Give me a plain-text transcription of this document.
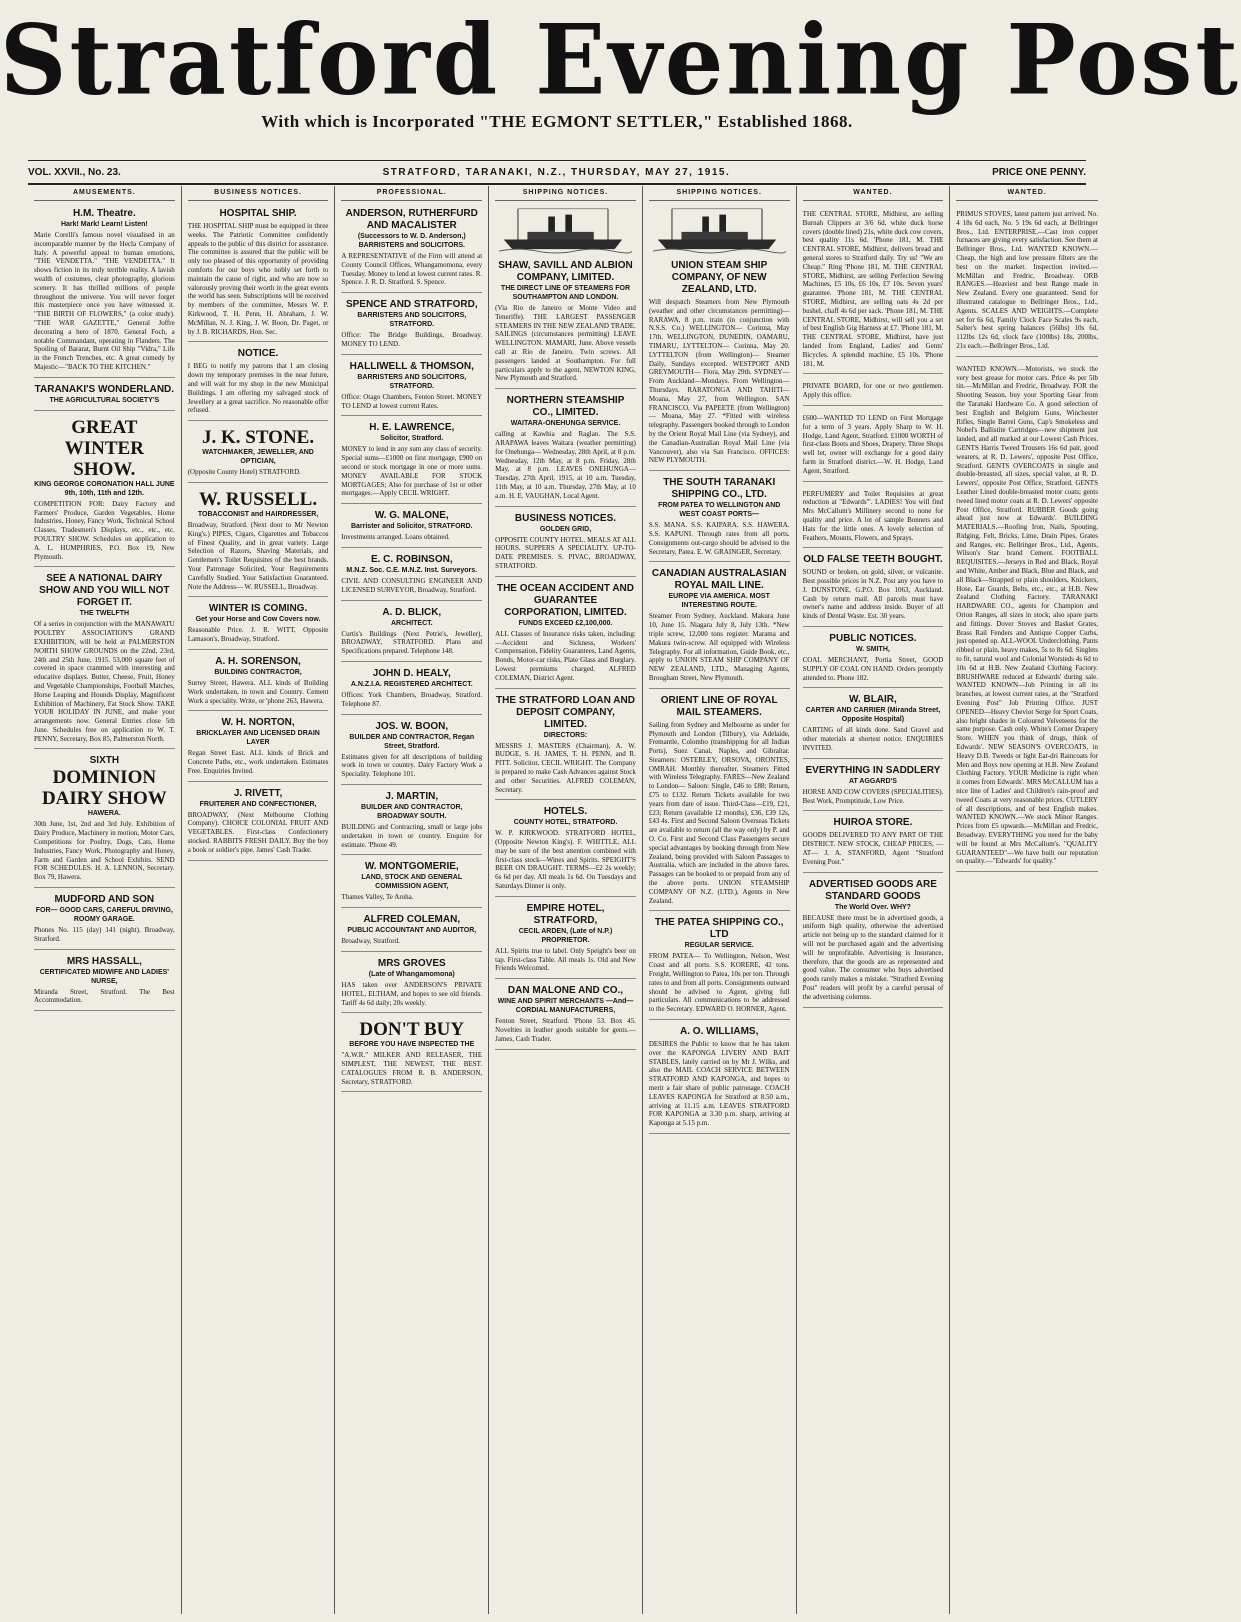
Stratford Evening Post
With which is Incorporated "THE EGMONT SETTLER," Established 1868.
VOL. XXVII., No. 23.	STRATFORD, TARANAKI, N.Z., THURSDAY, MAY 27, 1915.	PRICE ONE PENNY.
AMUSEMENTS.
H.M. Theatre.
Hark! Mark! Learn! Listen!
Marie Corelli's famous novel visualised in an incomparable manner by the Hecla Company of Italy. A powerful appeal to human emotions, "THE VENDETTA." "THE VENDETTA." It shows fiction in its truly terrible reality. A lavish wealth of costumes, clear photography, glorious scenery. It has thrilled millions of people throughout the universe. You will never forget this masterpiece once you have witnessed it. "THE BIRTH OF FLOWERS," (a color study). "THE WAR GAZETTE," General Joffre decorating a hero of 1870. General Foch, a notable Commandant, operating in Flanders. The Spoiling of Bararat, Burnt Oil Ship "Vidra," Life in the French Trenches, etc. A great comedy by Majestic—"BACK TO THE KITCHEN."
TARANAKI'S WONDERLAND.
THE AGRICULTURAL SOCIETY'S
GREAT WINTER SHOW.
KING GEORGE CORONATION HALL JUNE 9th, 10th, 11th and 12th.
COMPETITION FOR: Dairy Factory and Farmers' Produce, Garden Vegetables, Home Industries, Honey, Fancy Work, Technical School Classes, Tradesmen's Displays, etc., etc., etc. POULTRY SHOW. Schedules on application to A. L. HUMPHRIES, P.O. Box 19, New Plymouth.
SEE A NATIONAL DAIRY SHOW AND YOU WILL NOT FORGET IT.
THE TWELFTH
Of a series in conjunction with the MANAWATU POULTRY ASSOCIATION'S GRAND EXHIBITION, will be held at PALMERSTON NORTH SHOW GROUNDS on the 22nd, 23rd, 24th and 25th June, 1915. 53,000 square feet of covered in space crammed with interesting and educative displays. Butter, Cheese, Fruit, Honey and Vegetable Championships, Football Matches, Horse Leaping and Hounds Display, Magnificent Exhibition of Machinery, Fat Stock Show. TAKE YOUR HOLIDAY IN JUNE, and make your arrangements now. General Entries close 5th June. Schedules free on application to W. T. PENNY, Secretary, Box 85, Palmerston North.
SIXTH
DOMINION DAIRY SHOW
HAWERA.
30th June, 1st, 2nd and 3rd July. Exhibition of Dairy Produce, Machinery in motion, Motor Cars, Competitions for Poultry, Dogs, Cats, Home Industries, Fancy Work, Photography and Honey, Farm and Garden and School Exhibits. SEND FOR SCHEDULES. H. A. LENNON, Secretary. Box 79, Hawera.
MUDFORD AND SON
FOR— GOOD CARS, CAREFUL DRIVING, ROOMY GARAGE.
Phones No. 115 (day) 141 (night). Broadway, Stratford.
MRS HASSALL,
CERTIFICATED MIDWIFE AND LADIES' NURSE,
Miranda Street, Stratford. The Best Accommodation.
BUSINESS NOTICES.
HOSPITAL SHIP.
THE HOSPITAL SHIP must be equipped in three weeks. The Patriotic Committee confidently appeals to the public of this district for assistance. The committee is assured that the public will be only too pleased of this opportunity of providing comforts for our boys who nobly set forth to maintain the cause of right, and who are now so valorously proving their worth in the great events the world has seen. Subscriptions will be received by members of the committee, Messrs W. P. Kirkwood, T. H. Penn, H. Abraham, J. W. McMillan, N. J. King, J. W. Boon, Dr. Paget, or by J. B. RICHARDS, Hon. Sec.
NOTICE.
I BEG to notify my patrons that I am closing down my temporary premises in the near future, and will wait for my shop in the new Municipal Buildings. I am offering my salvaged stock of Jewellery at a great sacrifice. No reasonable offer refused.
J. K. STONE.
WATCHMAKER, JEWELLER, AND OPTICIAN,
(Opposite County Hotel) STRATFORD.
W. RUSSELL.
TOBACCONIST and HAIRDRESSER,
Broadway, Stratford. (Next door to Mr Newton King's.) PIPES, Cigars, Cigarettes and Tobaccos of Finest Quality, and in great variety. Large Selection of Razors, Shaving Materials, and Gentlemen's Toilet Requisites of the best brands. Your Patronage Solicited, Your Requirements Carefully Studied. Your Satisfaction Guaranteed. Note the Address— W. RUSSELL, Broadway.
WINTER IS COMING.
Get your Horse and Cow Covers now.
Reasonable Price. J. R. WITT, Opposite Lamason's, Broadway, Stratford.
A. H. SORENSON,
BUILDING CONTRACTOR,
Surrey Street, Hawera. ALL kinds of Building Work undertaken, in town and Country. Cement Work a speciality. Write, or 'phone 263, Hawera.
W. H. NORTON,
BRICKLAYER AND LICENSED DRAIN LAYER
Regan Street East. ALL kinds of Brick and Concrete Paths, etc., work undertaken. Estimates Free. Enquiries Invited.
J. RIVETT,
FRUITERER AND CONFECTIONER,
BROADWAY, (Next Melbourne Clothing Company). CHOICE COLONIAL FRUIT AND VEGETABLES. First-class Confectionery stocked. RABBITS FRESH DAILY. Buy the boy a book or soldier's pipe. James' Cash Trader.
PROFESSIONAL.
ANDERSON, RUTHERFURD AND MACALISTER
(Successors to W. D. Anderson,) BARRISTERS and SOLICITORS.
A REPRESENTATIVE of the Firm will attend at County Council Offices, Whangamomona, every Tuesday. Money to lend at lowest current rates. R. Spence. J. R. D. Stratford. S. Spence.
SPENCE AND STRATFORD,
BARRISTERS AND SOLICITORS, STRATFORD.
Office: The Bridge Buildings, Broadway. MONEY TO LEND.
HALLIWELL & THOMSON,
BARRISTERS AND SOLICITORS, STRATFORD.
Office: Otago Chambers, Fenton Street. MONEY TO LEND at lowest current Rates.
H. E. LAWRENCE,
Solicitor, Stratford.
MONEY to lend in any sum any class of security. Special sums—£1000 on first mortgage, £900 on second or stock mortgage in one or more sums. MONEY AVAILABLE FOR STOCK MORTGAGES; Also for purchase of 1st or other mortgages.—Apply CECIL WRIGHT.
W. G. MALONE,
Barrister and Solicitor, STRATFORD.
Investments arranged. Loans obtained.
E. C. ROBINSON,
M.N.Z. Soc. C.E. M.N.Z. Inst. Surveyors.
CIVIL AND CONSULTING ENGINEER AND LICENSED SURVEYOR, Broadway, Stratford.
A. D. BLICK,
ARCHITECT.
Curtis's Buildings (Next Petrie's, Jeweller), BROADWAY, STRATFORD. Plans and Specifications prepared. Telephone 148.
JOHN D. HEALY,
A.N.Z.I.A. REGISTERED ARCHITECT.
Offices: York Chambers, Broadway, Stratford. Telephone 87.
JOS. W. BOON,
BUILDER AND CONTRACTOR, Regan Street, Stratford.
Estimates given for all descriptions of building work in town or country. Dairy Factory Work a Speciality. Telephone 101.
J. MARTIN,
BUILDER AND CONTRACTOR, BROADWAY SOUTH.
BUILDING and Contracting, small or large jobs undertaken in town or country. Enquire for estimate. 'Phone 49.
W. MONTGOMERIE,
LAND, STOCK AND GENERAL COMMISSION AGENT,
Thames Valley, Te Aroha.
ALFRED COLEMAN,
PUBLIC ACCOUNTANT AND AUDITOR,
Broadway, Stratford.
MRS GROVES
(Late of Whangamomona)
HAS taken over ANDERSON'S PRIVATE HOTEL, ELTHAM, and hopes to see old friends. Tariff 4s 6d daily; 20s weekly.
DON'T BUY
BEFORE YOU HAVE INSPECTED THE
"A.W.R." MILKER AND RELEASER, THE SIMPLEST, THE NEWEST, THE BEST. CATALOGUES FROM R. B. ANDERSON, Secretary, STRATFORD.
SHIPPING NOTICES.
SHAW, SAVILL AND ALBION COMPANY, LIMITED.
THE DIRECT LINE OF STEAMERS FOR SOUTHAMPTON AND LONDON.
(Via Rio de Janeiro or Monte Video and Teneriffe). THE LARGEST PASSENGER STEAMERS IN THE NEW ZEALAND TRADE. SAILINGS (circumstances permitting) LEAVE WELLINGTON. MAMARI, June. Above vessels call at Rio de Janeiro. Twin screws. All passengers landed at Southampton. For full particulars apply to the agent, NEWTON KING, New Plymouth and Stratford.
NORTHERN STEAMSHIP CO., LIMITED.
WAITARA-ONEHUNGA SERVICE.
calling at Kawhia and Raglan. The S.S. ARAPAWA leaves Waitara (weather permitting) for Onehunga— Wednesday, 28th April, at 8 p.m. Wednesday, 12th May, at 8 p.m. Friday, 28th May, at 8 p.m. LEAVES ONEHUNGA— Tuesday, 27th April, 1915, at 10 a.m. Tuesday, 11th May, at 10 a.m. Thursday, 27th May, at 10 a.m. H. E. VAUGHAN, Local Agent.
BUSINESS NOTICES.
GOLDEN GRID,
OPPOSITE COUNTY HOTEL. MEALS AT ALL HOURS. SUPPERS A SPECIALITY. UP-TO-DATE PREMISES. S. PIVAC, BROADWAY, STRATFORD.
THE OCEAN ACCIDENT AND GUARANTEE CORPORATION, LIMITED.
FUNDS EXCEED £2,100,000.
ALL Classes of Insurance risks taken, including:—Accident and Sickness, Workers' Compensation, Fidelity Guarantees, Land Agents, Bonds, Motor-car risks, Plate Glass and Burglary. Lowest premiums charged. ALFRED COLEMAN, District Agent.
THE STRATFORD LOAN AND DEPOSIT COMPANY, LIMITED.
DIRECTORS:
MESSRS J. MASTERS (Chairman), A. W. BUDGE, S. H. JAMES, T. H. PENN, and R. PITT. Solicitor, CECIL WRIGHT. The Company is prepared to make Cash Advances against Stock and other Securities. ALFRED COLEMAN, Secretary.
HOTELS.
COUNTY HOTEL, STRATFORD.
W. P. KIRKWOOD. STRATFORD HOTEL, (Opposite Newton King's). F. WHITTLE, ALL may be sure of the best attention combined with first-class stock—Wines and Spirits. SPEIGHT'S BEER ON DRAUGHT. TERMS—£2 2s weekly; 6s 6d per day. All meals 1s 6d. On Tuesdays and Saturdays Dinner is only.
EMPIRE HOTEL, STRATFORD,
CECIL ARDEN, (Late of N.P.) PROPRIETOR.
ALL Spirits true to label. Only Speight's beer on tap. First-class Table. All meals 1s. Old and New Friends Welcomed.
DAN MALONE AND CO.,
WINE AND SPIRIT MERCHANTS —And— CORDIAL MANUFACTURERS,
Fenton Street, Stratford. 'Phone 53. Box 45. Novelties in leather goods suitable for gents.—James, Cash Trader.
SHIPPING NOTICES.
UNION STEAM SHIP COMPANY, OF NEW ZEALAND, LTD.
Will despatch Steamers from New Plymouth (weather and other circumstances permitting)— RARAWA, 8 p.m. train (in conjunction with N.S.S. Co.) WELLINGTON— Corinna, May 17th. WELLINGTON, DUNEDIN, OAMARU, TIMARU, LYTTELTON— Corinna, May 20. LYTTELTON (from Wellington)— Steamer Daily, Sundays excepted. WESTPORT AND GREYMOUTH— Flora, May 29th. SYDNEY— From Auckland—Mondays. From Wellington—Thursdays. RARATONGA AND TAHITI— Moana, May 27, from Wellington. SAN FRANCISCO, Via PAPEETE (from Wellington)— Moana, May 27. *Fitted with wireless telegraphy. Passengers booked through to London by the Orient Royal Mail Line (via Sydney), and the Canadian-Australian Royal Mail Line (via Vancouver), also via San Francisco. OFFICES: NEW PLYMOUTH.
THE SOUTH TARANAKI SHIPPING CO., LTD.
FROM PATEA TO WELLINGTON AND WEST COAST PORTS—
S.S. MANA. S.S. KAIPARA. S.S. HAWERA. S.S. KAPUNI. Through rates from all ports. Consignments out-cargo should be advised to the Secretary, Patea. E. W. GRAINGER, Secretary.
CANADIAN AUSTRALASIAN ROYAL MAIL LINE.
EUROPE VIA AMERICA. MOST INTERESTING ROUTE.
Steamer From Sydney, Auckland. Makura June 10, June 15. Niagara July 8, July 13th. *New triple screw, 12,000 tons register. Marama and Makura twin-screw. All equipped with Wireless Telegraphy. For all information, Guide Book, etc., apply to UNION STEAM SHIP COMPANY OF NEW ZEALAND, LTD., Managing Agents, Brougham Street, New Plymouth.
ORIENT LINE OF ROYAL MAIL STEAMERS.
Sailing from Sydney and Melbourne as under for Plymouth and London (Tilbury), via Adelaide, Fremantle, Colombo (transhipping for all Indian Ports), Suez Canal, Naples, and Gibraltar. Steamers: OSTERLEY, ORSOVA, ORONTES, OMRAH. Monthly thereafter. Steamers Fitted with Wireless Telegraphy. FARES—New Zealand to London— Saloon: Single, £46 to £88; Return, £75 to £132. Return Tickets available for two years from date of issue. Third-Class—£19, £21, £23; Return (available 12 months), £36, £39 12s, £43 4s. First and Second Saloon Overseas Tickets are available to return (all the way only) by P. and O. Co. First and Second Class Passengers secure special advantages by booking through from New Zealand, being provided with Saloon Passages to Australia, which are included in the above fares. Passages can be booked to or prepaid from any of the above ports. UNION STEAMSHIP COMPANY OF N.Z. (LTD.), Agents in New Zealand.
THE PATEA SHIPPING CO., LTD
REGULAR SERVICE.
FROM PATEA— To Wellington, Nelson, West Coast and all ports. S.S. KORERE, 42 tons. Freight, Wellington to Patea, 10s per ton. Through rates to and from all ports. Consignments outward should be advised to Agent, giving full particulars. All communications to be addressed to the Secretary. EDWARD O. HORNER, Agent.
A. O. WILLIAMS,
DESIRES the Public to know that he has taken over the KAPONGA LIVERY AND BAIT STABLES, lately carried on by Mr J. Wilks, and also the MAIL COACH SERVICE BETWEEN STRATFORD AND KAPONGA, and hopes to merit a fair share of public patronage. COACH LEAVES KAPONGA for Stratford at 8.50 a.m., arriving at 11.15 a.m. LEAVES STRATFORD FOR KAPONGA at 3.30 p.m. sharp, arriving at Kaponga at 5.15 p.m.
WANTED.
THE CENTRAL STORE, Midhirst, are selling Burnah Clippers at 3/6 6d, white duck horse covers (double lined) 21s, white duck cow covers, best quality 11s 6d. 'Phone 181, M. THE CENTRAL STORE, Midhirst, delivers bread and general stores to Stratford daily. Try us! "We are Cheap." Ring 'Phone 181, M. THE CENTRAL STORE, Midhirst, are selling Perfection Sewing Machines, £5 10s, £6 10s, £7 10s. Seven years' guarantee. 'Phone 181, M. THE CENTRAL STORE, Midhirst, are selling oats 4s 2d per bushel, chaff 4s 6d per sack. 'Phone 181, M. THE CENTRAL STORE, Midhirst, will sell you a set of best English Gig Harness at £7. 'Phone 181, M. THE CENTRAL STORE, Midhirst, have just landed from England, Ladies' and Gents' Bicycles. A splendid machine, £5 10s. 'Phone 181, M.
PRIVATE BOARD, for one or two gentlemen. Apply this office.
£600—WANTED TO LEND on First Mortgage for a term of 3 years. Apply Sharp to W. H. Hodge, Land Agent, Stratford. £1000 WORTH of first-class Boots and Shoes, Drapery. Three Shops well let, owner will exchange for a good dairy farm in Stratford district.—W. H. Hodge, Land Agent, Stratford.
PERFUMERY and Toilet Requisites at great reduction at "Edwards'". LADIES! You will find Mrs McCallum's Millinery second to none for quality and price. A lot of sample Bonnets and Hats for the little ones. A lovely selection of Feathers, Mounts, Flowers, and Sprays.
OLD FALSE TEETH BOUGHT.
SOUND or broken, on gold, silver, or vulcanite. Best possible prices in N.Z. Post any you have to J. DUNSTONE, G.P.O. Box 1063, Auckland. Cash by return mail. All parcels must have owner's name and address inside. Buyer of all kinds of Dental Waste. Est. 30 years.
PUBLIC NOTICES.
W. SMITH,
COAL MERCHANT, Portia Street, GOOD SUPPLY OF COAL ON HAND. Orders promptly attended to. Phone 182.
W. BLAIR,
CARTER AND CARRIER (Miranda Street, Opposite Hospital)
CARTING of all kinds done. Sand Gravel and other materials at shortest notice. ENQUIRIES INVITED.
EVERYTHING IN SADDLERY
AT AGGARD'S
HORSE AND COW COVERS (SPECIALITIES). Best Work, Promptitude, Low Price.
HUIROA STORE.
GOODS DELIVERED TO ANY PART OF THE DISTRICT. NEW STOCK, CHEAP PRICES, —AT— J. A. STANFORD, Agent "Stratford Evening Post."
ADVERTISED GOODS ARE STANDARD GOODS
The World Over. WHY?
BECAUSE there must be in advertised goods, a uniform high quality, otherwise the advertised article not being up to the standard claimed for it will not be purchased again and the advertising will be unprofitable. Advertising is Insurance, therefore, that the goods are as represented and good value. The consumer who buys advertised goods rarely makes a mistake. "Stratford Evening Post" readers will profit by a careful perusal of the advertising columns.
WANTED.
PRIMUS STOVES, latest pattern just arrived. No. 4 18s 6d each, No. 5 19s 6d each, at Bellringer Bros., Ltd. ENTERPRISE.—Cast iron copper furnaces are giving every satisfaction. See them at Bellringer Bros., Ltd. WANTED KNOWN.—Cheap, the high and low pressure filters are the best on the market. Inspection invited.—McMillan and Fredric, Broadway. ORB RANGES.—Heaviest and best Range made in New Zealand. Every one guaranteed. Send for illustrated catalogue to Bellringer Bros., Ltd., Agents. SCALES AND WEIGHTS.—Complete set for 6s 6d, Family Clock Face Scales 9s each, Salter's best spring balances (56lbs) 10s 6d, 112lbs 12s 6d, clock face (100lbs) 18s, 200lbs, 21s each.—Bellringer Bros., Ltd.
WANTED KNOWN.—Motorists, we stock the very best grease for motor cars. Price 4s per 5lb tin.—McMillan and Fredric, Broadway. FOR the Shooting Season, buy your Sporting Gear from the Taranaki Hardware Co. A good selection of best English and Belgium Guns, Winchester Rifles, Single Barrel Guns, Cap's Smokeless and Nobel's Ballistite Cartridges—new shipment just landed, and all marked at our Lowest Cash Prices. GENTS Harris Tweed Trousers 16s 6d pair, good wearers, at R. D. Lewers', opposite Post Office, Stratford. GENTS OVERCOATS in single and double-breasted, all sizes, special value, at R. D. Lewers', opposite Post Office, Stratford. GENTS Leather Lined double-breasted motor coats; gents tweed lined motor coats at R. D. Lewers' opposite Post Office, Stratford. RUBBER Goods going ahead just now at Edwards'. BUILDING MATERIALS.—Roofing Iron, Nails, Spouting, Ridging, Felt, Bricks, Lime, Drain Pipes, Grates and Ranges, etc. Bellringer Bros., Ltd., Agents, Wilson's Star brand Cement. FOOTBALL REQUISITES.—Jerseys in Red and Black, Royal and White, Amber and Black, Blue and Black, and all Black—Strapped or plain shoulders, Knickers, Hose, Ear Guards, Belts, etc., etc., at H.B. New Zealand Clothing Factory. TARANAKI HARDWARE CO., agents for Champion and Orion Ranges, all sizes in stock; also spare parts and fittings. Dover Stoves and Basket Grates, Brass Rail Fenders and Antique Copper Curbs, just opened up. ALL-WOOL Underclothing. Pants ribbed or plain, heavy makes, 5s to 8s 6d. Singlets to fit, natural wool and Colonial Worsteds 4s 6d to 10s 6d at H.B. New Zealand Clothing Factory. BRUSHWARE reduced at Edwards' during sale. WANTED KNOWN—Job Printing in all its branches, at lowest current rates, at the "Stratford Evening Post" Job Printing Office. JUST OPENED—Heavy Cheviot Serge for Sport Coats, also bright shades in Coloured Velveteens for the same purpose. Cash only. White's Corner Drapery Store. WHEN you think of drugs, think of Edwards'. NEW SEASON'S OVERCOATS, in Heavy D.B. Tweeds or light Ear-dri Raincoats for Men and Boys now opening at H.B. New Zealand Clothing Factory. YOUR Medicine is right when it comes from Edwards'. MRS McCALLUM has a nice line of Ladies' and Children's rain-proof and tweed Coats at very reasonable prices. CUTLERY of all descriptions, and of best English makes. WANTED KNOWN.—We stock Minor Ranges. Prices from £5 upwards.—McMillan and Fredric, Broadway. EVERYTHING you need for the baby will be found at Mrs McCallum's. "QUALITY GUARANTEED"—We have built our reputation on quality.—"Edwards' for quality."
